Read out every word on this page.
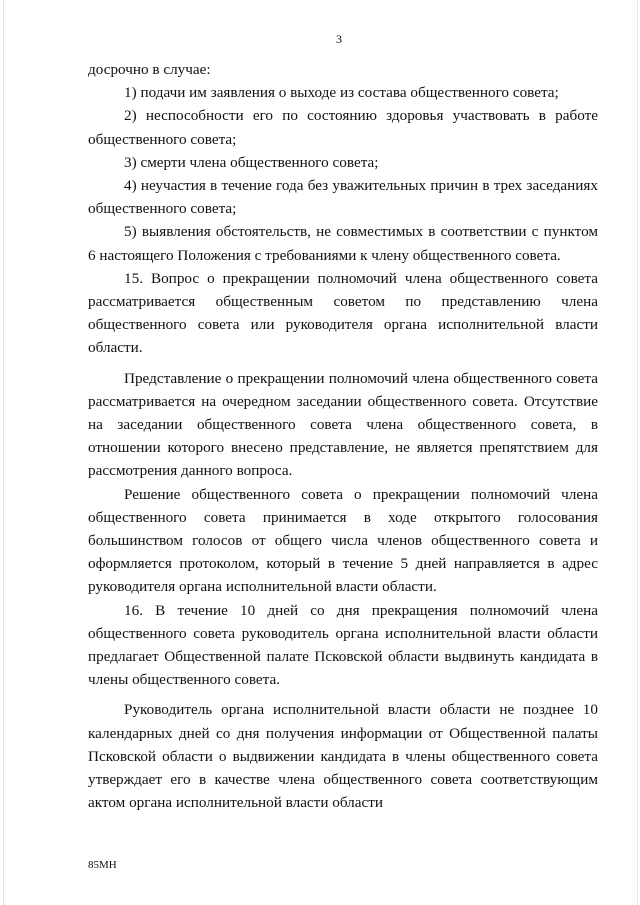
3

досрочно в случае:

1) подачи им заявления о выходе из состава общественного совета;

2) неспособности его по состоянию здоровья участвовать в работе общественного совета;

3) смерти члена общественного совета;

4) неучастия в течение года без уважительных причин в трех заседаниях общественного совета;

5) выявления обстоятельств, не совместимых в соответствии с пунктом 6 настоящего Положения с требованиями к члену общественного совета.

15. Вопрос о прекращении полномочий члена общественного совета рассматривается общественным советом по представлению члена общественного совета или руководителя органа исполнительной власти области.

Представление о прекращении полномочий члена общественного совета рассматривается на очередном заседании общественного совета. Отсутствие на заседании общественного совета члена общественного совета, в отношении которого внесено представление, не является препятствием для рассмотрения данного вопроса.

Решение общественного совета о прекращении полномочий члена общественного совета принимается в ходе открытого голосования большинством голосов от общего числа членов общественного совета и оформляется протоколом, который в течение 5 дней направляется в адрес руководителя органа исполнительной власти области.

16. В течение 10 дней со дня прекращения полномочий члена общественного совета руководитель органа исполнительной власти области предлагает Общественной палате Псковской области выдвинуть кандидата в члены общественного совета.

Руководитель органа исполнительной власти области не позднее 10 календарных дней со дня получения информации от Общественной палаты Псковской области о выдвижении кандидата в члены общественного совета утверждает его в качестве члена общественного совета соответствующим актом органа исполнительной власти области

85МН
